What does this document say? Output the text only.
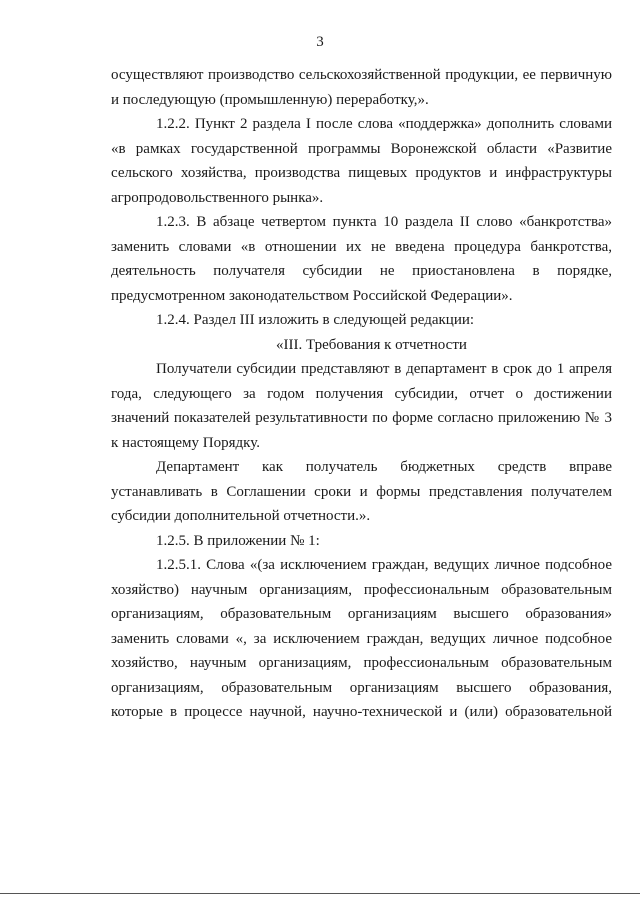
3
осуществляют производство сельскохозяйственной продукции, ее первичную
и последующую (промышленную) переработку,».
1.2.2. Пункт 2 раздела I после слова «поддержка» дополнить словами
«в рамках государственной программы Воронежской области «Развитие
сельского хозяйства, производства пищевых продуктов и инфраструктуры
агропродовольственного рынка».
1.2.3. В абзаце четвертом пункта 10 раздела II слово «банкротства»
заменить словами «в отношении их не введена процедура банкротства,
деятельность получателя субсидии не приостановлена в порядке,
предусмотренном законодательством Российской Федерации».
1.2.4. Раздел III изложить в следующей редакции:
«III. Требования к отчетности
Получатели субсидии представляют в департамент в срок до 1 апреля
года, следующего за годом получения субсидии, отчет о достижении
значений показателей результативности по форме согласно приложению № 3
к настоящему Порядку.
Департамент как получатель бюджетных средств вправе
устанавливать в Соглашении сроки и формы представления получателем
субсидии дополнительной отчетности.».
1.2.5. В приложении № 1:
1.2.5.1. Слова «(за исключением граждан, ведущих личное подсобное
хозяйство) научным организациям, профессиональным образовательным
организациям, образовательным организациям высшего образования»
заменить словами «, за исключением граждан, ведущих личное подсобное
хозяйство, научным организациям, профессиональным образовательным
организациям, образовательным организациям высшего образования,
которые в процессе научной, научно-технической и (или) образовательной
